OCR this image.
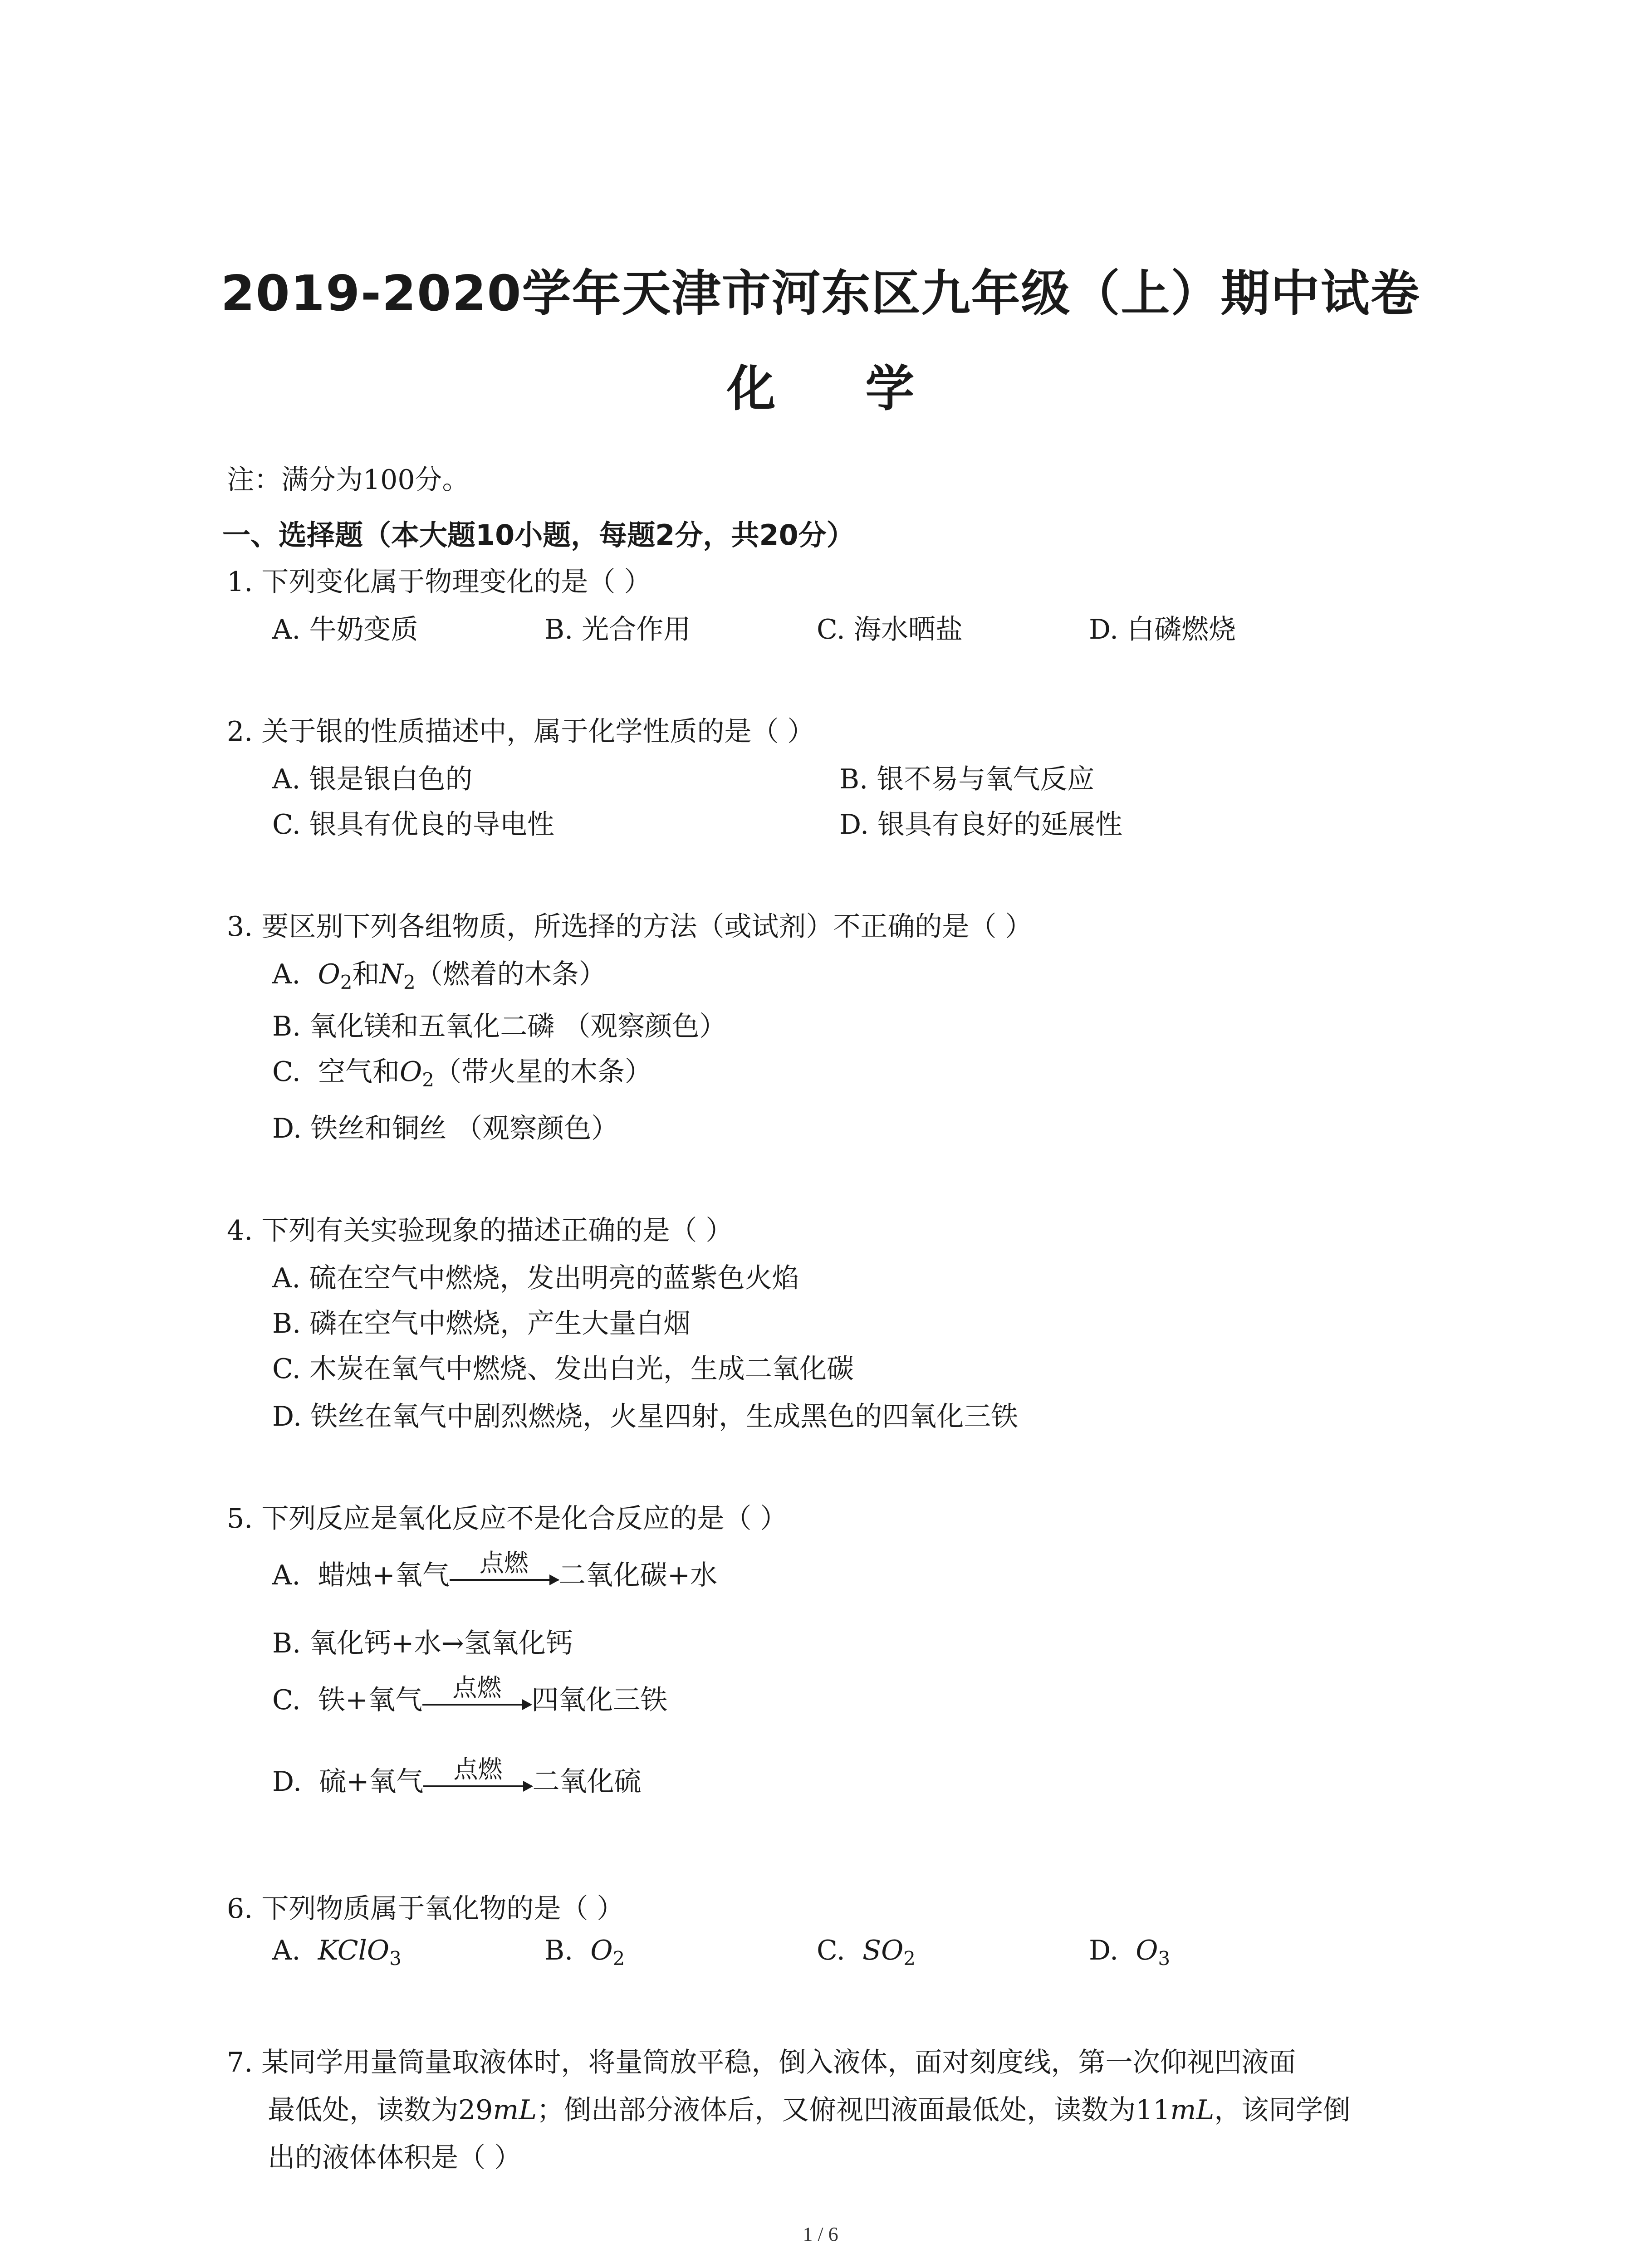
2019-2020学年天津市河东区九年级（上）期中试卷
化 学
注：满分为100分。
一、选择题（本大题10小题，每题2分，共20分）
1. 下列变化属于物理变化的是（ ）
A. 牛奶变质	B. 光合作用	C. 海水晒盐	D. 白磷燃烧
2. 关于银的性质描述中，属于化学性质的是（ ）
A. 银是银白色的	B. 银不易与氧气反应
C. 银具有优良的导电性	D. 银具有良好的延展性
3. 要区别下列各组物质，所选择的方法（或试剂）不正确的是（ ）
A. $O_2$和$N_2$（燃着的木条）
B. 氧化镁和五氧化二磷 （观察颜色）
C. 空气和$O_2$（带火星的木条）
D. 铁丝和铜丝 （观察颜色）
4. 下列有关实验现象的描述正确的是（ ）
A. 硫在空气中燃烧，发出明亮的蓝紫色火焰
B. 磷在空气中燃烧，产生大量白烟
C. 木炭在氧气中燃烧、发出白光，生成二氧化碳
D. 铁丝在氧气中剧烈燃烧，火星四射，生成黑色的四氧化三铁
5. 下列反应是氧化反应不是化合反应的是（ ）
A. 蜡烛+氧气	点燃	二氧化碳+水
B. 氧化钙+水→氢氧化钙
C. 铁+氧气	点燃	四氧化三铁
D. 硫+氧气	点燃	二氧化硫
6. 下列物质属于氧化物的是（ ）
A. KClO$_3$	B. $O_2$	C. $SO_2$	D. $O_3$
7. 某同学用量筒量取液体时，将量筒放平稳，倒入液体，面对刻度线，第一次仰视凹液面
最低处，读数为29mL；倒出部分液体后，又俯视凹液面最低处，读数为11mL，该同学倒
出的液体体积是（ ）
1 / 6
